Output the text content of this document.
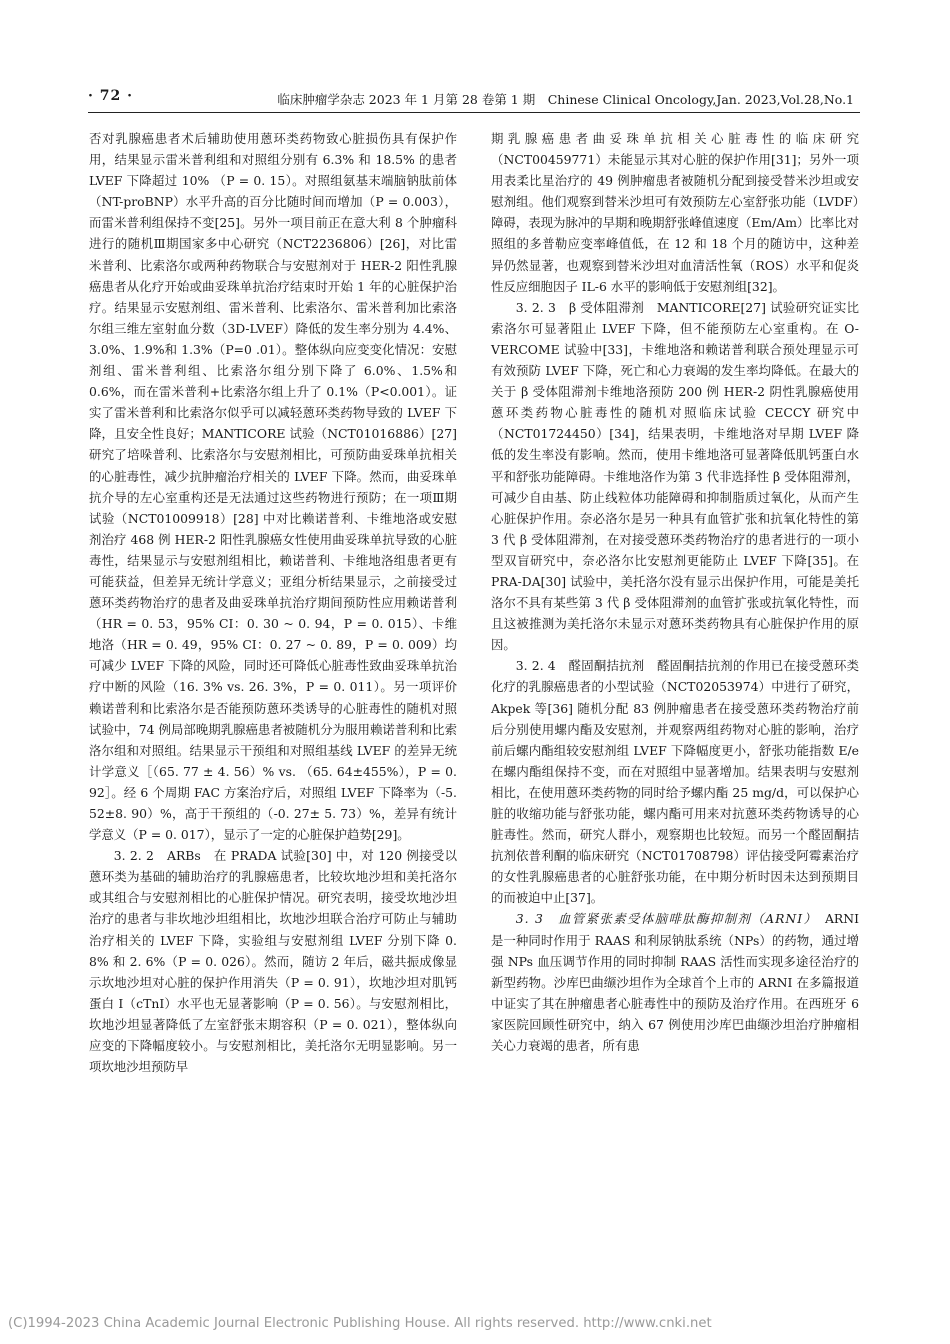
· 72 ·	临床肿瘤学杂志 2023 年 1 月第 28 卷第 1 期　Chinese Clinical Oncology,Jan. 2023,Vol.28,No.1

否对乳腺癌患者术后辅助使用蒽环类药物致心脏损伤具有保护作用，结果显示雷米普利组和对照组分别有 6.3% 和 18.5% 的患者 LVEF 下降超过 10% （P = 0. 15）。对照组氨基末端脑钠肽前体（NT-proBNP）水平升高的百分比随时间而增加（P = 0.003），而雷米普利组保持不变[25]。另外一项目前正在意大利 8 个肿瘤科进行的随机Ⅲ期国家多中心研究（NCT2236806）[26]，对比雷米普利、比索洛尔或两种药物联合与安慰剂对于 HER-2 阳性乳腺癌患者从化疗开始或曲妥珠单抗治疗结束时开始 1 年的心脏保护治疗。结果显示安慰剂组、雷米普利、比索洛尔、雷米普利加比索洛尔组三维左室射血分数（3D-LVEF）降低的发生率分别为 4.4%、3.0%、1.9%和 1.3%（P=0 .01）。整体纵向应变变化情况：安慰剂组、雷米普利组、比索洛尔组分别下降了 6.0%、1.5%和 0.6%，而在雷米普利+比索洛尔组上升了 0.1%（P<0.001）。证实了雷米普利和比索洛尔似乎可以减轻蒽环类药物导致的 LVEF 下降，且安全性良好；MANTICORE 试验（NCT01016886）[27] 研究了培哚普利、比索洛尔与安慰剂相比，可预防曲妥珠单抗相关的心脏毒性，减少抗肿瘤治疗相关的 LVEF 下降。然而，曲妥珠单抗介导的左心室重构还是无法通过这些药物进行预防；在一项Ⅲ期试验（NCT01009918）[28] 中对比赖诺普利、卡维地洛或安慰剂治疗 468 例 HER-2 阳性乳腺癌女性使用曲妥珠单抗导致的心脏毒性，结果显示与安慰剂组相比，赖诺普利、卡维地洛组患者更有可能获益，但差异无统计学意义；亚组分析结果显示，之前接受过蒽环类药物治疗的患者及曲妥珠单抗治疗期间预防性应用赖诺普利（HR = 0. 53，95% CI：0. 30 ~ 0. 94，P = 0. 015）、卡维地洛（HR = 0. 49，95% CI：0. 27 ~ 0. 89，P = 0. 009）均可减少 LVEF 下降的风险，同时还可降低心脏毒性致曲妥珠单抗治疗中断的风险（16. 3% vs. 26. 3%，P = 0. 011）。另一项评价赖诺普利和比索洛尔是否能预防蒽环类诱导的心脏毒性的随机对照试验中，74 例局部晚期乳腺癌患者被随机分为服用赖诺普利和比索洛尔组和对照组。结果显示干预组和对照组基线 LVEF 的差异无统计学意义［（65. 77 ± 4. 56）% vs. （65. 64±455%），P = 0. 92］。经 6 个周期 FAC 方案治疗后，对照组 LVEF 下降率为（-5. 52±8. 90）%，高于干预组的（-0. 27± 5. 73）%，差异有统计学意义（P = 0. 017），显示了一定的心脏保护趋势[29]。

3. 2. 2　ARBs　在 PRADA 试验[30] 中，对 120 例接受以蒽环类为基础的辅助治疗的乳腺癌患者，比较坎地沙坦和美托洛尔或其组合与安慰剂相比的心脏保护情况。研究表明，接受坎地沙坦治疗的患者与非坎地沙坦组相比，坎地沙坦联合治疗可防止与辅助治疗相关的 LVEF 下降，实验组与安慰剂组 LVEF 分别下降 0. 8% 和 2. 6%（P = 0. 026）。然而，随访 2 年后，磁共振成像显示坎地沙坦对心脏的保护作用消失（P = 0. 91），坎地沙坦对肌钙蛋白 I（cTnI）水平也无显著影响（P = 0. 56）。与安慰剂相比，坎地沙坦显著降低了左室舒张末期容积（P = 0. 021），整体纵向应变的下降幅度较小。与安慰剂相比，美托洛尔无明显影响。另一项坎地沙坦预防早

期乳腺癌患者曲妥珠单抗相关心脏毒性的临床研究（NCT00459771）未能显示其对心脏的保护作用[31]；另外一项用表柔比星治疗的 49 例肿瘤患者被随机分配到接受替米沙坦或安慰剂组。他们观察到替米沙坦可有效预防左心室舒张功能（LVDF）障碍，表现为脉冲的早期和晚期舒张峰值速度（Em/Am）比率比对照组的多普勒应变率峰值低，在 12 和 18 个月的随访中，这种差异仍然显著，也观察到替米沙坦对血清活性氧（ROS）水平和促炎性反应细胞因子 IL-6 水平的影响低于安慰剂组[32]。

3. 2. 3　β 受体阻滞剂　MANTICORE[27] 试验研究证实比索洛尔可显著阻止 LVEF 下降，但不能预防左心室重构。在 O-VERCOME 试验中[33]，卡维地洛和赖诺普利联合预处理显示可有效预防 LVEF 下降，死亡和心力衰竭的发生率均降低。在最大的关于 β 受体阻滞剂卡维地洛预防 200 例 HER-2 阴性乳腺癌使用蒽环类药物心脏毒性的随机对照临床试验 CECCY 研究中（NCT01724450）[34]，结果表明，卡维地洛对早期 LVEF 降低的发生率没有影响。然而，使用卡维地洛可显著降低肌钙蛋白水平和舒张功能障碍。卡维地洛作为第 3 代非选择性 β 受体阻滞剂，可减少自由基、防止线粒体功能障碍和抑制脂质过氧化，从而产生心脏保护作用。奈必洛尔是另一种具有血管扩张和抗氧化特性的第 3 代 β 受体阻滞剂，在对接受蒽环类药物治疗的患者进行的一项小型双盲研究中，奈必洛尔比安慰剂更能防止 LVEF 下降[35]。在 PRA-DA[30] 试验中，美托洛尔没有显示出保护作用，可能是美托洛尔不具有某些第 3 代 β 受体阻滞剂的血管扩张或抗氧化特性，而且这被推测为美托洛尔未显示对蒽环类药物具有心脏保护作用的原因。

3. 2. 4　醛固酮拮抗剂　醛固酮拮抗剂的作用已在接受蒽环类化疗的乳腺癌患者的小型试验（NCT02053974）中进行了研究，Akpek 等[36] 随机分配 83 例肿瘤患者在接受蒽环类药物治疗前后分别使用螺内酯及安慰剂，并观察两组药物对心脏的影响，治疗前后螺内酯组较安慰剂组 LVEF 下降幅度更小，舒张功能指数 E/e 在螺内酯组保持不变，而在对照组中显著增加。结果表明与安慰剂相比，在使用蒽环类药物的同时给予螺内酯 25 mg/d，可以保护心脏的收缩功能与舒张功能，螺内酯可用来对抗蒽环类药物诱导的心脏毒性。然而，研究人群小，观察期也比较短。而另一个醛固酮拮抗剂依普利酮的临床研究（NCT01708798）评估接受阿霉素治疗的女性乳腺癌患者的心脏舒张功能，在中期分析时因未达到预期目的而被迫中止[37]。

3. 3　血管紧张素受体脑啡肽酶抑制剂（ARNI）　ARNI 是一种同时作用于 RAAS 和利尿钠肽系统（NPs）的药物，通过增强 NPs 血压调节作用的同时抑制 RAAS 活性而实现多途径治疗的新型药物。沙库巴曲缬沙坦作为全球首个上市的 ARNI 在多篇报道中证实了其在肿瘤患者心脏毒性中的预防及治疗作用。在西班牙 6 家医院回顾性研究中，纳入 67 例使用沙库巴曲缬沙坦治疗肿瘤相关心力衰竭的患者，所有患

(C)1994-2023 China Academic Journal Electronic Publishing House. All rights reserved. http://www.cnki.net
